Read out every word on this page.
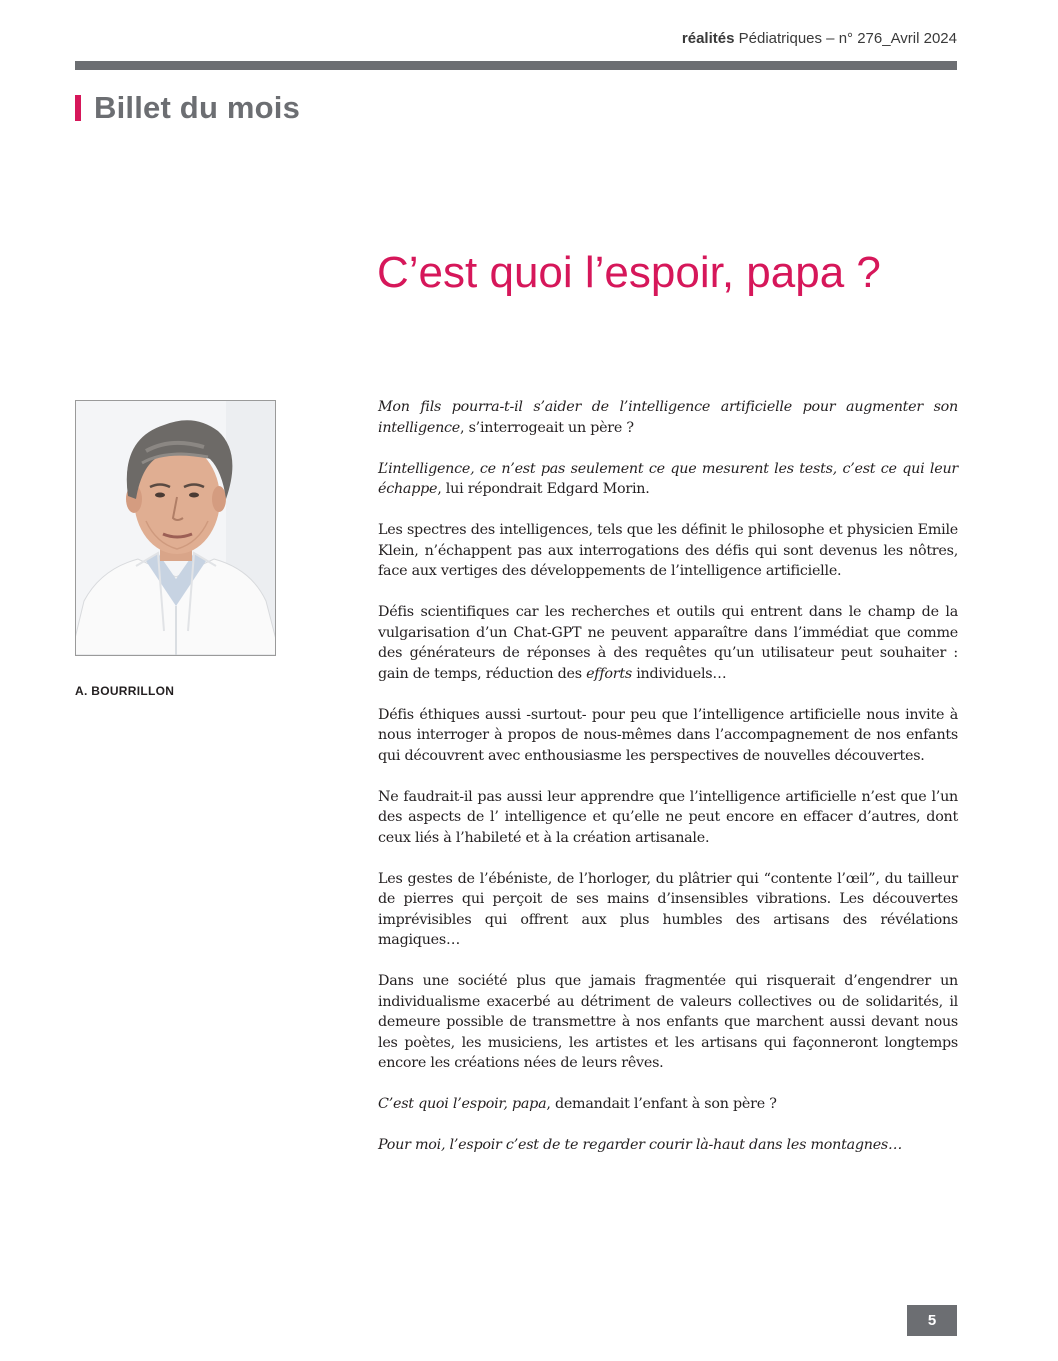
réalités Pédiatriques – n° 276_Avril 2024
Billet du mois
C’est quoi l’espoir, papa ?
A. BOURRILLON

Mon fils pourra-t-il s’aider de l’intelligence artificielle pour augmenter son intelligence, s’interrogeait un père ?

L’intelligence, ce n’est pas seulement ce que mesurent les tests, c’est ce qui leur échappe, lui répondrait Edgard Morin.

Les spectres des intelligences, tels que les définit le philosophe et physicien Emile Klein, n’échappent pas aux interrogations des défis qui sont devenus les nôtres, face aux vertiges des développements de l’intelligence artificielle.

Défis scientifiques car les recherches et outils qui entrent dans le champ de la vulgarisation d’un Chat-GPT ne peuvent apparaître dans l’immédiat que comme des générateurs de réponses à des requêtes qu’un utilisateur peut souhaiter : gain de temps, réduction des efforts individuels…

Défis éthiques aussi -surtout- pour peu que l’intelligence artificielle nous invite à nous interroger à propos de nous-mêmes dans l’accompagnement de nos enfants qui découvrent avec enthousiasme les perspectives de nouvelles découvertes.

Ne faudrait-il pas aussi leur apprendre que l’intelligence artificielle n’est que l’un des aspects de l’ intelligence et qu’elle ne peut encore en effacer d’autres, dont ceux liés à l’habileté et à la création artisanale.

Les gestes de l’ébéniste, de l’horloger, du plâtrier qui “contente l’œil”, du tailleur de pierres qui perçoit de ses mains d’insensibles vibrations. Les découvertes imprévisibles qui offrent aux plus humbles des artisans des révélations magiques…

Dans une société plus que jamais fragmentée qui risquerait d’engendrer un individualisme exacerbé au détriment de valeurs collectives ou de solidarités, il demeure possible de transmettre à nos enfants que marchent aussi devant nous les poètes, les musiciens, les artistes et les artisans qui façonneront longtemps encore les créations nées de leurs rêves.

C’est quoi l’espoir, papa, demandait l’enfant à son père ?

Pour moi, l’espoir c’est de te regarder courir là-haut dans les montagnes…

5
